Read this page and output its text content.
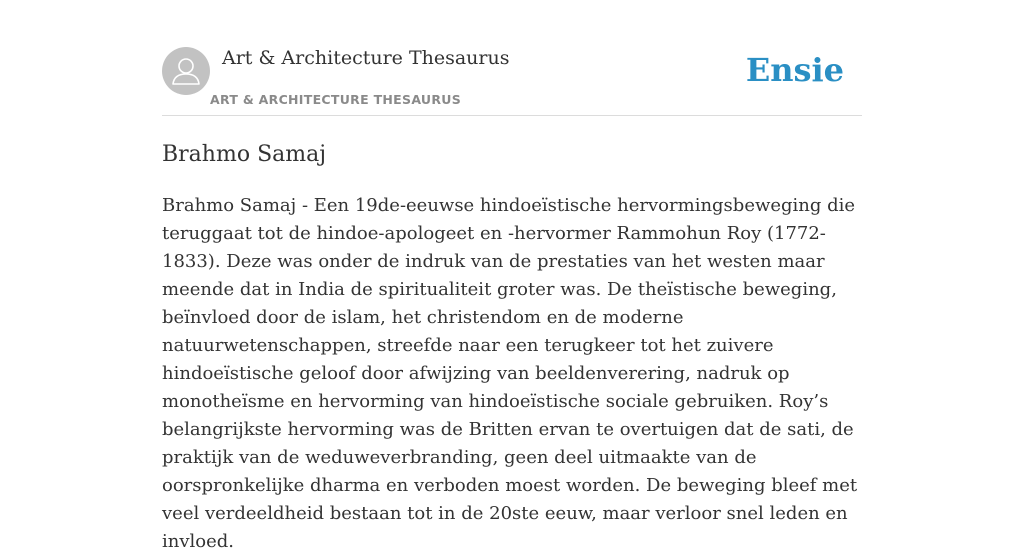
Art & Architecture Thesaurus
ART & ARCHITECTURE THESAURUS
Ensie
Brahmo Samaj

Brahmo Samaj - Een 19de-eeuwse hindoeïstische hervormingsbeweging die teruggaat tot de hindoe-apologeet en -hervormer Rammohun Roy (1772-1833). Deze was onder de indruk van de prestaties van het westen maar meende dat in India de spiritualiteit groter was. De theïstische beweging, beïnvloed door de islam, het christendom en de moderne natuurwetenschappen, streefde naar een terugkeer tot het zuivere hindoeïstische geloof door afwijzing van beeldenverering, nadruk op monotheïsme en hervorming van hindoeïstische sociale gebruiken. Roy’s belangrijkste hervorming was de Britten ervan te overtuigen dat de sati, de praktijk van de weduweverbranding, geen deel uitmaakte van de oorspronkelijke dharma en verboden moest worden. De beweging bleef met veel verdeeldheid bestaan tot in de 20ste eeuw, maar verloor snel leden en invloed.
